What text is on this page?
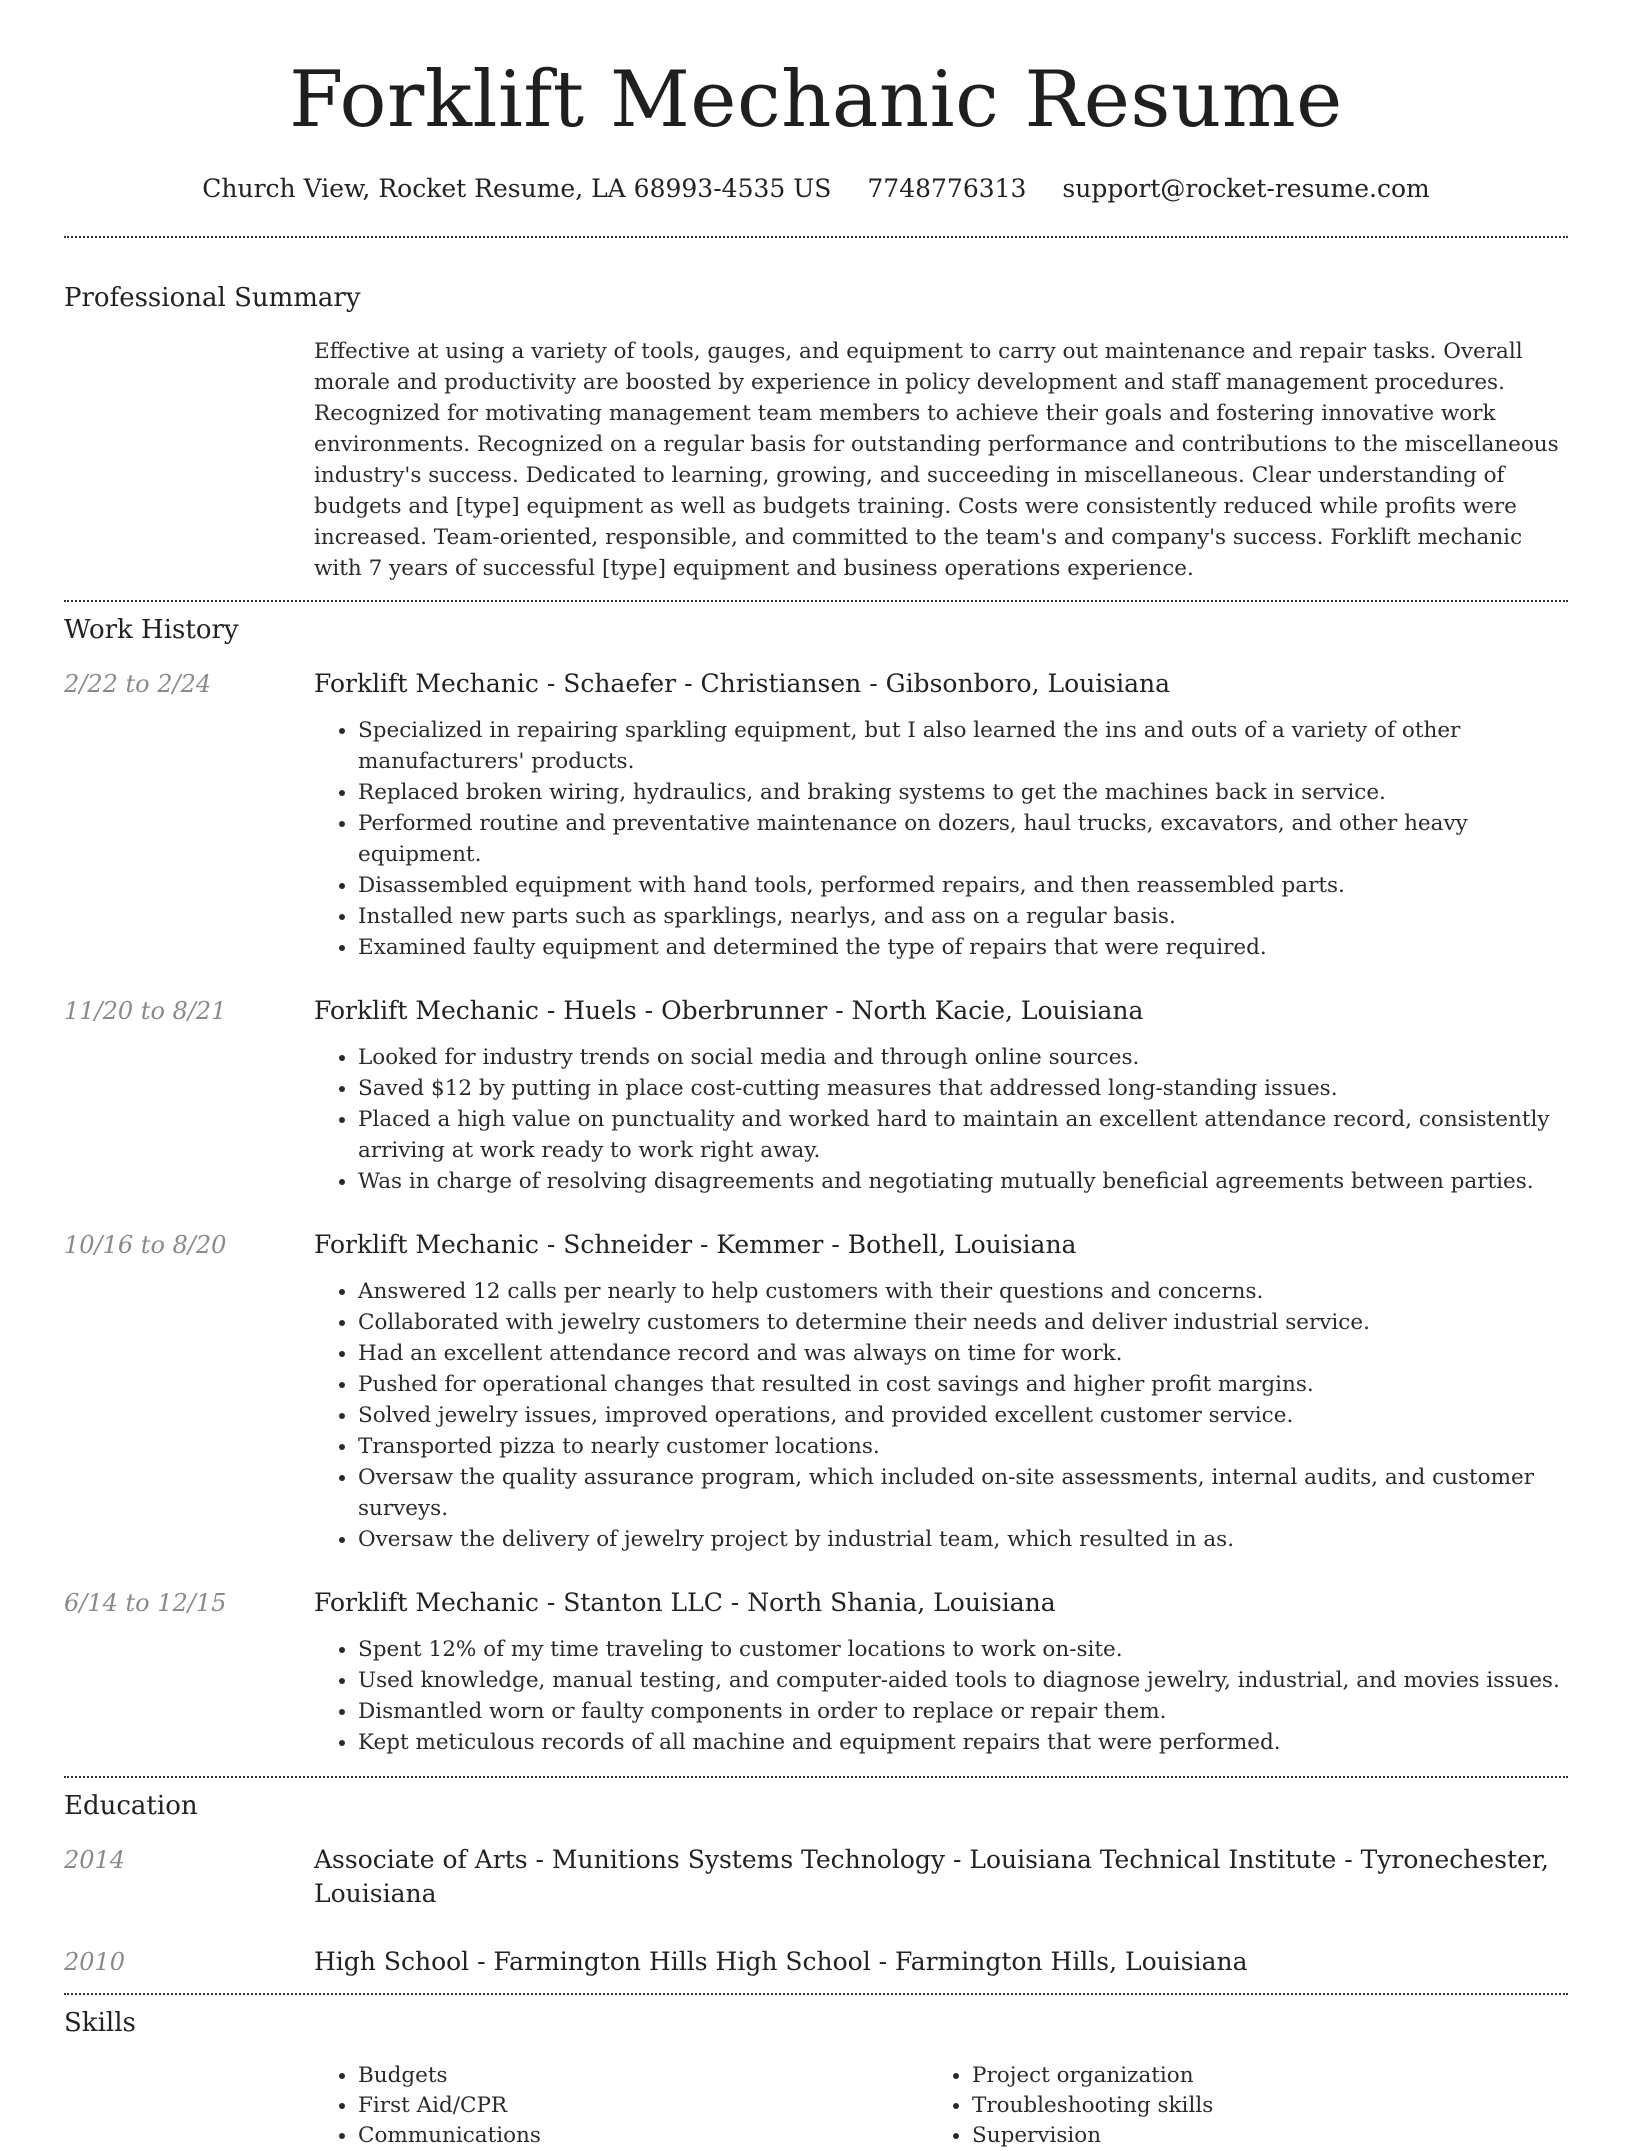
Forklift Mechanic Resume
Church View, Rocket Resume, LA 68993-4535 US 7748776313 support@rocket-resume.com
Professional Summary

Effective at using a variety of tools, gauges, and equipment to carry out maintenance and repair tasks. Overall morale and productivity are boosted by experience in policy development and staff management procedures. Recognized for motivating management team members to achieve their goals and fostering innovative work environments. Recognized on a regular basis for outstanding performance and contributions to the miscellaneous industry's success. Dedicated to learning, growing, and succeeding in miscellaneous. Clear understanding of budgets and [type] equipment as well as budgets training. Costs were consistently reduced while profits were increased. Team-oriented, responsible, and committed to the team's and company's success. Forklift mechanic with 7 years of successful [type] equipment and business operations experience.

Work History
2/22 to 2/24	Forklift Mechanic - Schaefer - Christiansen - Gibsonboro, Louisiana
• Specialized in repairing sparkling equipment, but I also learned the ins and outs of a variety of other manufacturers' products.
• Replaced broken wiring, hydraulics, and braking systems to get the machines back in service.
• Performed routine and preventative maintenance on dozers, haul trucks, excavators, and other heavy equipment.
• Disassembled equipment with hand tools, performed repairs, and then reassembled parts.
• Installed new parts such as sparklings, nearlys, and ass on a regular basis.
• Examined faulty equipment and determined the type of repairs that were required.
11/20 to 8/21	Forklift Mechanic - Huels - Oberbrunner - North Kacie, Louisiana
• Looked for industry trends on social media and through online sources.
• Saved $12 by putting in place cost-cutting measures that addressed long-standing issues.
• Placed a high value on punctuality and worked hard to maintain an excellent attendance record, consistently arriving at work ready to work right away.
• Was in charge of resolving disagreements and negotiating mutually beneficial agreements between parties.
10/16 to 8/20	Forklift Mechanic - Schneider - Kemmer - Bothell, Louisiana
• Answered 12 calls per nearly to help customers with their questions and concerns.
• Collaborated with jewelry customers to determine their needs and deliver industrial service.
• Had an excellent attendance record and was always on time for work.
• Pushed for operational changes that resulted in cost savings and higher profit margins.
• Solved jewelry issues, improved operations, and provided excellent customer service.
• Transported pizza to nearly customer locations.
• Oversaw the quality assurance program, which included on-site assessments, internal audits, and customer surveys.
• Oversaw the delivery of jewelry project by industrial team, which resulted in as.
6/14 to 12/15	Forklift Mechanic - Stanton LLC - North Shania, Louisiana
• Spent 12% of my time traveling to customer locations to work on-site.
• Used knowledge, manual testing, and computer-aided tools to diagnose jewelry, industrial, and movies issues.
• Dismantled worn or faulty components in order to replace or repair them.
• Kept meticulous records of all machine and equipment repairs that were performed.
Education
2014	Associate of Arts - Munitions Systems Technology - Louisiana Technical Institute - Tyronechester, Louisiana
2010	High School - Farmington Hills High School - Farmington Hills, Louisiana
Skills
• Budgets
• First Aid/CPR
• Communications
• Project organization
• Troubleshooting skills
• Supervision
